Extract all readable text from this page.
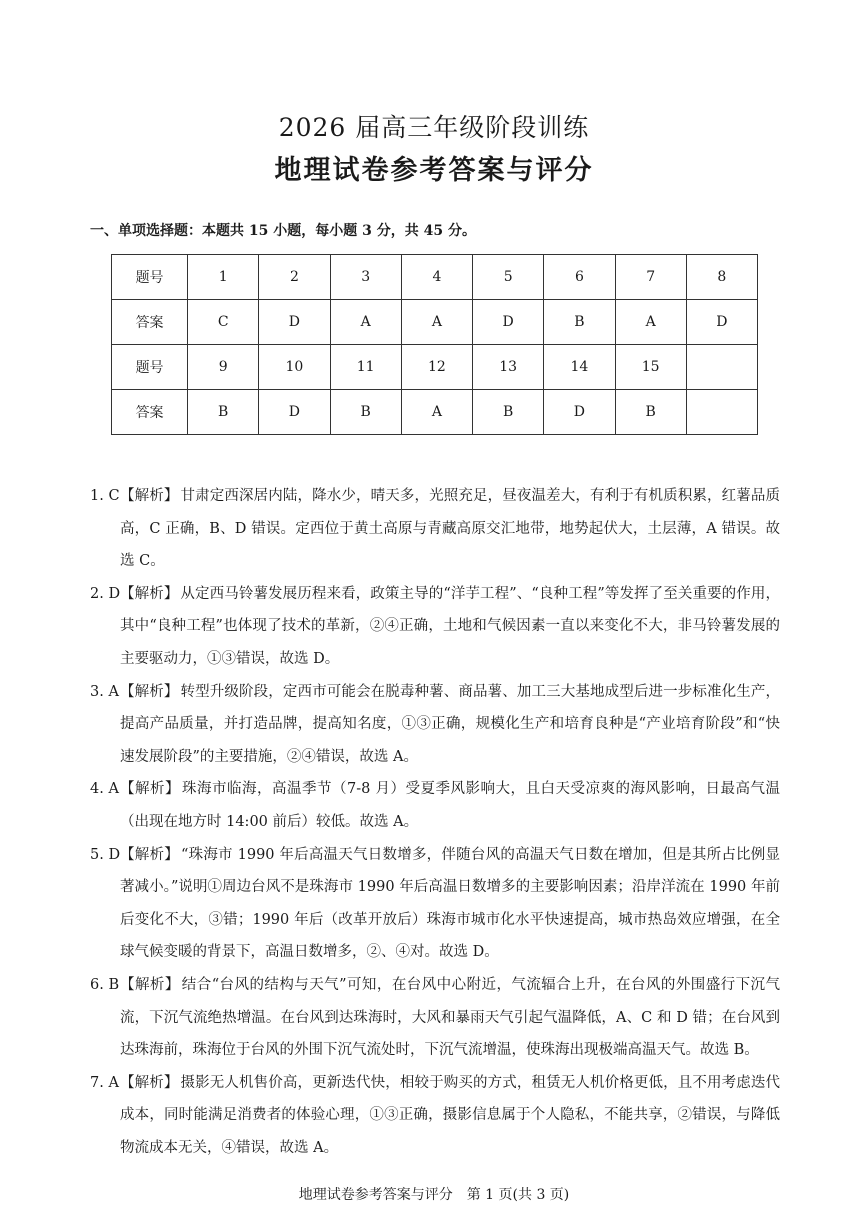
2026 届高三年级阶段训练
地理试卷参考答案与评分
一、单项选择题：本题共 15 小题，每小题 3 分，共 45 分。
题号	1	2	3	4	5	6	7	8
答案	C	D	A	A	D	B	A	D
题号	9	10	11	12	13	14	15	
答案	B	D	B	A	B	D	B	
1. C 【解析】 甘肃定西深居内陆，降水少，晴天多，光照充足，昼夜温差大，有利于有机质积累，红薯品质高，C 正确，B、D 错误。定西位于黄土高原与青藏高原交汇地带，地势起伏大，土层薄，A 错误。故选 C。
2. D 【解析】 从定西马铃薯发展历程来看，政策主导的“洋芋工程”、“良种工程”等发挥了至关重要的作用，其中“良种工程”也体现了技术的革新，②④正确，土地和气候因素一直以来变化不大，非马铃薯发展的主要驱动力，①③错误，故选 D。
3. A 【解析】 转型升级阶段，定西市可能会在脱毒种薯、商品薯、加工三大基地成型后进一步标准化生产，提高产品质量，并打造品牌，提高知名度，①③正确，规模化生产和培育良种是“产业培育阶段”和“快速发展阶段”的主要措施，②④错误，故选 A。
4. A 【解析】 珠海市临海，高温季节（7-8 月）受夏季风影响大，且白天受凉爽的海风影响，日最高气温（出现在地方时 14:00 前后）较低。故选 A。
5. D 【解析】 “珠海市 1990 年后高温天气日数增多，伴随台风的高温天气日数在增加，但是其所占比例显著减小。”说明①周边台风不是珠海市 1990 年后高温日数增多的主要影响因素；沿岸洋流在 1990 年前后变化不大，③错；1990 年后（改革开放后）珠海市城市化水平快速提高，城市热岛效应增强，在全球气候变暖的背景下，高温日数增多，②、④对。故选 D。
6. B 【解析】 结合“台风的结构与天气”可知，在台风中心附近，气流辐合上升，在台风的外围盛行下沉气流，下沉气流绝热增温。在台风到达珠海时，大风和暴雨天气引起气温降低，A、C 和 D 错；在台风到达珠海前，珠海位于台风的外围下沉气流处时，下沉气流增温，使珠海出现极端高温天气。故选 B。
7. A 【解析】 摄影无人机售价高，更新迭代快，相较于购买的方式，租赁无人机价格更低，且不用考虑迭代成本，同时能满足消费者的体验心理，①③正确，摄影信息属于个人隐私，不能共享，②错误，与降低物流成本无关，④错误，故选 A。
地理试卷参考答案与评分　第 1 页(共 3 页)
